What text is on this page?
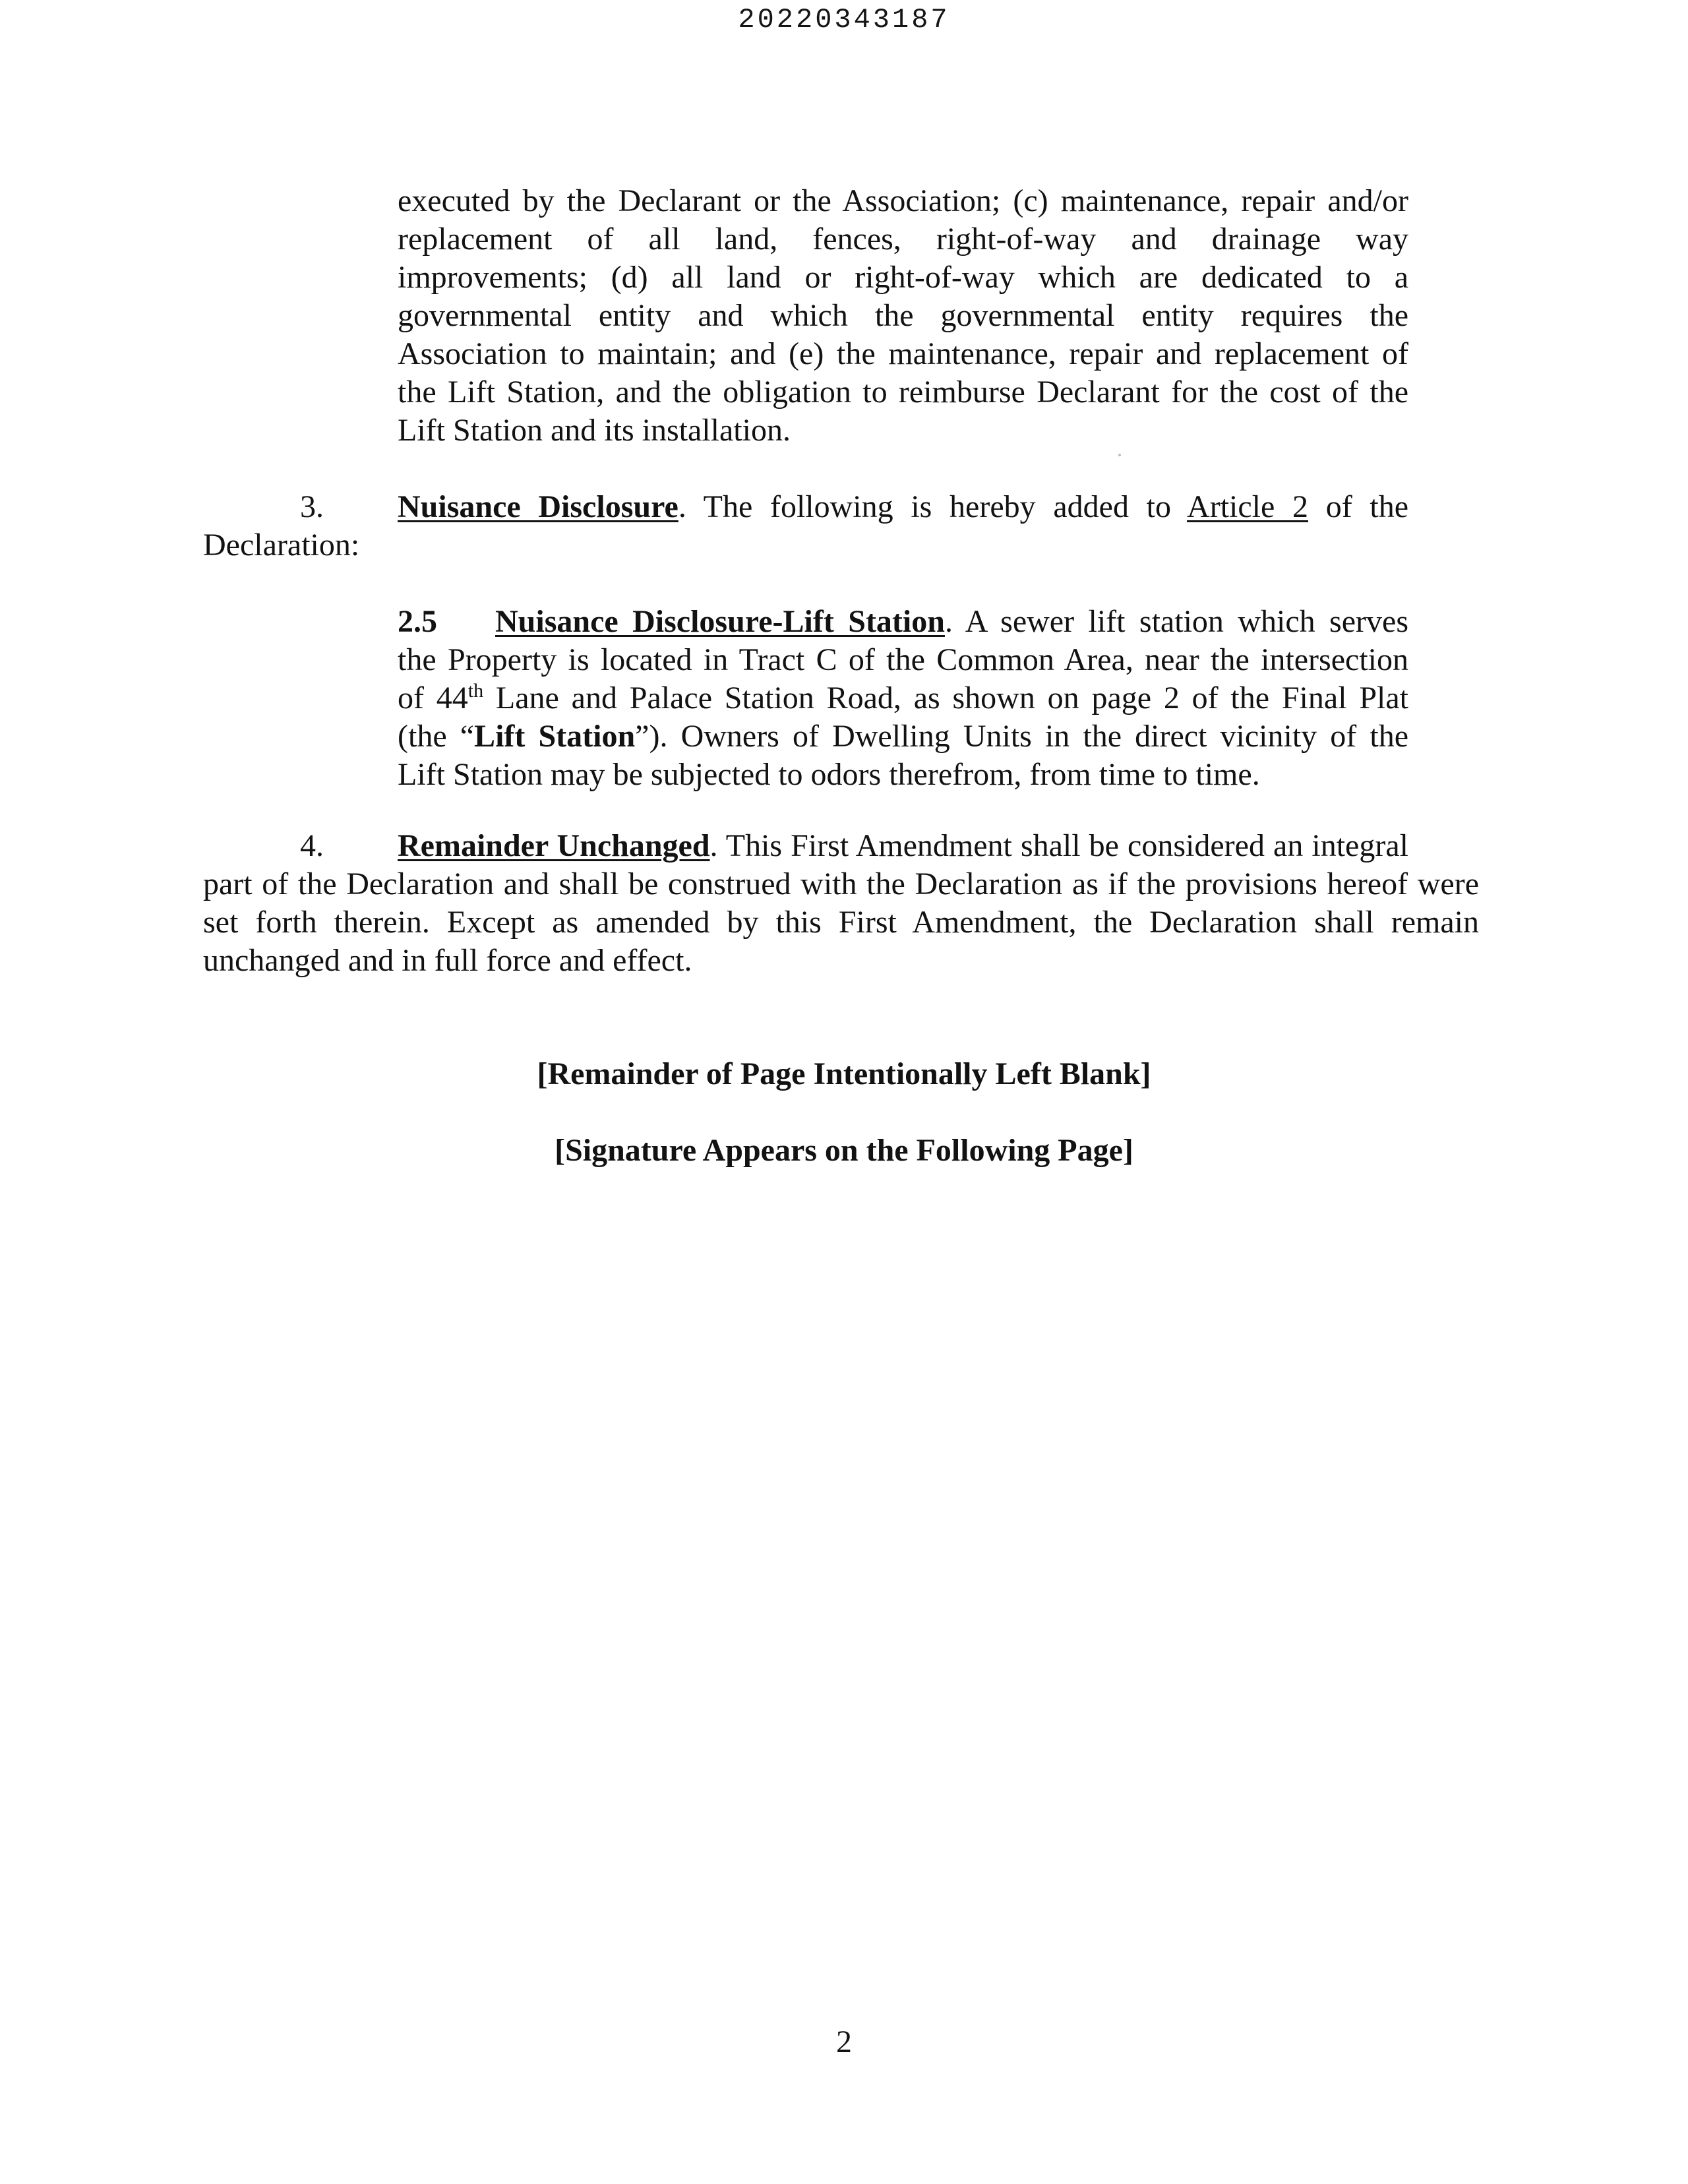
20220343187
executed by the Declarant or the Association; (c) maintenance, repair and/or
replacement of all land, fences, right-of-way and drainage way
improvements; (d) all land or right-of-way which are dedicated to a
governmental entity and which the governmental entity requires the
Association to maintain; and (e) the maintenance, repair and replacement of
the Lift Station, and the obligation to reimburse Declarant for the cost of the
Lift Station and its installation.
3.	Nuisance Disclosure. The following is hereby added to Article 2 of the
Declaration:
2.5 Nuisance Disclosure-Lift Station. A sewer lift station which serves
the Property is located in Tract C of the Common Area, near the intersection
of 44th Lane and Palace Station Road, as shown on page 2 of the Final Plat
(the “Lift Station”). Owners of Dwelling Units in the direct vicinity of the
Lift Station may be subjected to odors therefrom, from time to time.
4.	Remainder Unchanged. This First Amendment shall be considered an integral
part of the Declaration and shall be construed with the Declaration as if the provisions hereof were
set forth therein. Except as amended by this First Amendment, the Declaration shall remain
unchanged and in full force and effect.
[Remainder of Page Intentionally Left Blank]
[Signature Appears on the Following Page]
2
